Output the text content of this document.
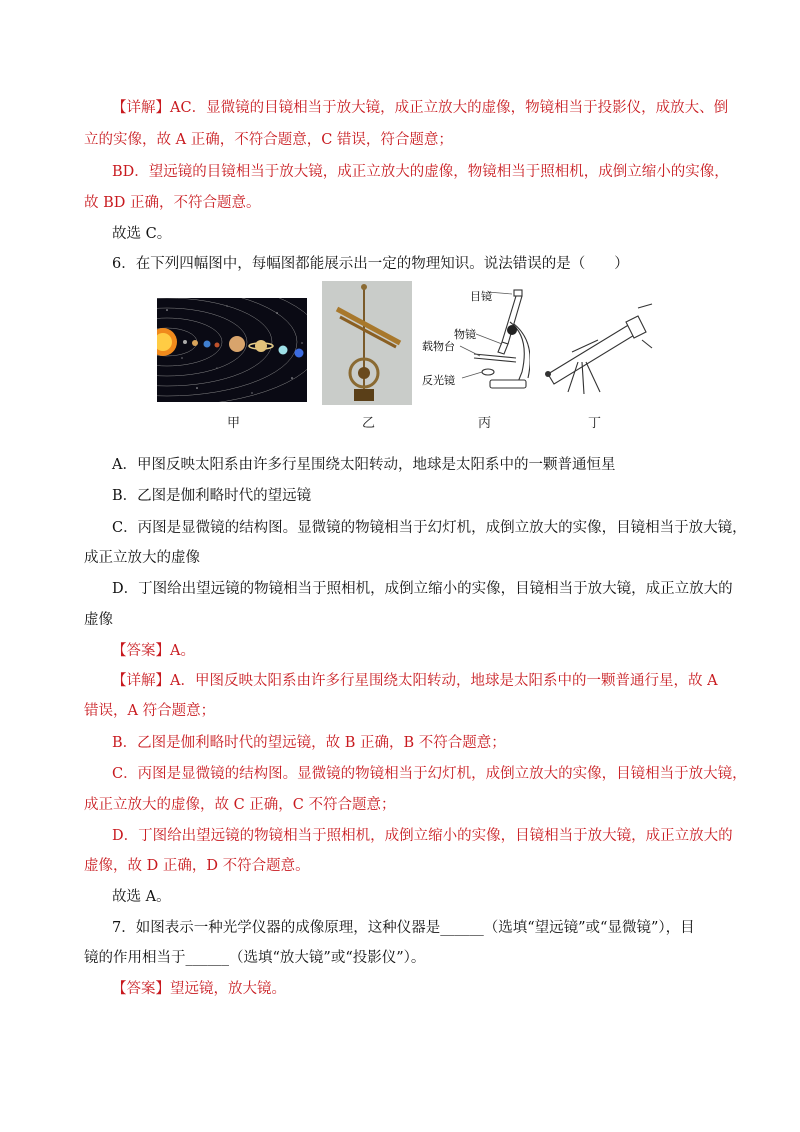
【详解】AC．显微镜的目镜相当于放大镜，成正立放大的虚像，物镜相当于投影仪，成放大、倒
立的实像，故 A 正确，不符合题意，C 错误，符合题意；
BD．望远镜的目镜相当于放大镜，成正立放大的虚像，物镜相当于照相机，成倒立缩小的实像，
故 BD 正确，不符合题意。
故选 C。
6．在下列四幅图中，每幅图都能展示出一定的物理知识。说法错误的是（　　）
目镜
物镜
载物台
反光镜
甲	乙	丙	丁
A．甲图反映太阳系由许多行星围绕太阳转动，地球是太阳系中的一颗普通恒星
B．乙图是伽利略时代的望远镜
C．丙图是显微镜的结构图。显微镜的物镜相当于幻灯机，成倒立放大的实像，目镜相当于放大镜，
成正立放大的虚像
D．丁图给出望远镜的物镜相当于照相机，成倒立缩小的实像，目镜相当于放大镜，成正立放大的
虚像
【答案】A。
【详解】A．甲图反映太阳系由许多行星围绕太阳转动，地球是太阳系中的一颗普通行星，故 A
错误，A 符合题意；
B．乙图是伽利略时代的望远镜，故 B 正确，B 不符合题意；
C．丙图是显微镜的结构图。显微镜的物镜相当于幻灯机，成倒立放大的实像，目镜相当于放大镜，
成正立放大的虚像，故 C 正确，C 不符合题意；
D．丁图给出望远镜的物镜相当于照相机，成倒立缩小的实像，目镜相当于放大镜，成正立放大的
虚像，故 D 正确，D 不符合题意。
故选 A。
7．如图表示一种光学仪器的成像原理，这种仪器是______（选填“望远镜”或“显微镜”），目
镜的作用相当于______（选填“放大镜”或“投影仪”）。
【答案】望远镜，放大镜。
